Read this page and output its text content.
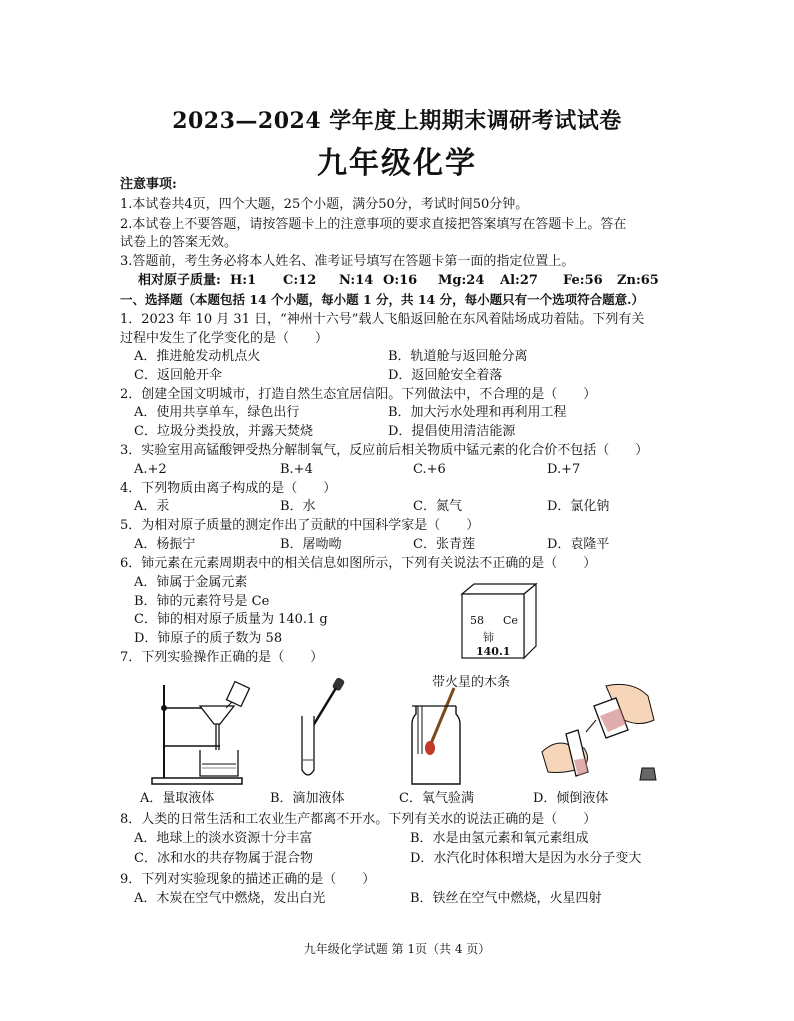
2023—2024 学年度上期期末调研考试试卷
九年级化学
注意事项:
1.本试卷共4页，四个大题，25个小题，满分50分，考试时间50分钟。
2.本试卷上不要答题，请按答题卡上的注意事项的要求直接把答案填写在答题卡上。答在
试卷上的答案无效。
3.答题前，考生务必将本人姓名、准考证号填写在答题卡第一面的指定位置上。
相对原子质量: H:1 C:12 N:14 O:16 Mg:24 Al:27 Fe:56 Zn:65
一、选择题（本题包括 14 个小题，每小题 1 分，共 14 分，每小题只有一个选项符合题意.）
1．2023 年 10 月 31 日，“神州十六号”载人飞船返回舱在东风着陆场成功着陆。下列有关
过程中发生了化学变化的是（　　）
A．推进舱发动机点火	B．轨道舱与返回舱分离
C．返回舱开伞	D．返回舱安全着落
2．创建全国文明城市，打造自然生态宜居信阳。下列做法中，不合理的是（　　）
A．使用共享单车，绿色出行	B．加大污水处理和再利用工程
C．垃圾分类投放，并露天焚烧	D．提倡使用清洁能源
3．实验室用高锰酸钾受热分解制氧气，反应前后相关物质中锰元素的化合价不包括（　　）
A.+2	B.+4	C.+6	D.+7
4．下列物质由离子构成的是（　　）
A．汞	B．水	C．氮气	D．氯化钠
5．为相对原子质量的测定作出了贡献的中国科学家是（　　）
A．杨振宁	B．屠呦呦	C．张青莲	D．袁隆平
6．铈元素在元素周期表中的相关信息如图所示，下列有关说法不正确的是（　　）
A．铈属于金属元素
B．铈的元素符号是 Ce
C．铈的相对原子质量为 140.1 g
D．铈原子的质子数为 58
58 Ce
铈
140.1
7．下列实验操作正确的是（　　）
带火星的木条
A．量取液体	B．滴加液体	C．氧气验满	D．倾倒液体
8．人类的日常生活和工农业生产都离不开水。下列有关水的说法正确的是（　　）
A．地球上的淡水资源十分丰富	B．水是由氢元素和氧元素组成
C．冰和水的共存物属于混合物	D．水汽化时体积增大是因为水分子变大
9．下列对实验现象的描述正确的是（　　）
A．木炭在空气中燃烧，发出白光	B．铁丝在空气中燃烧，火星四射
九年级化学试题 第 1页（共 4 页）
